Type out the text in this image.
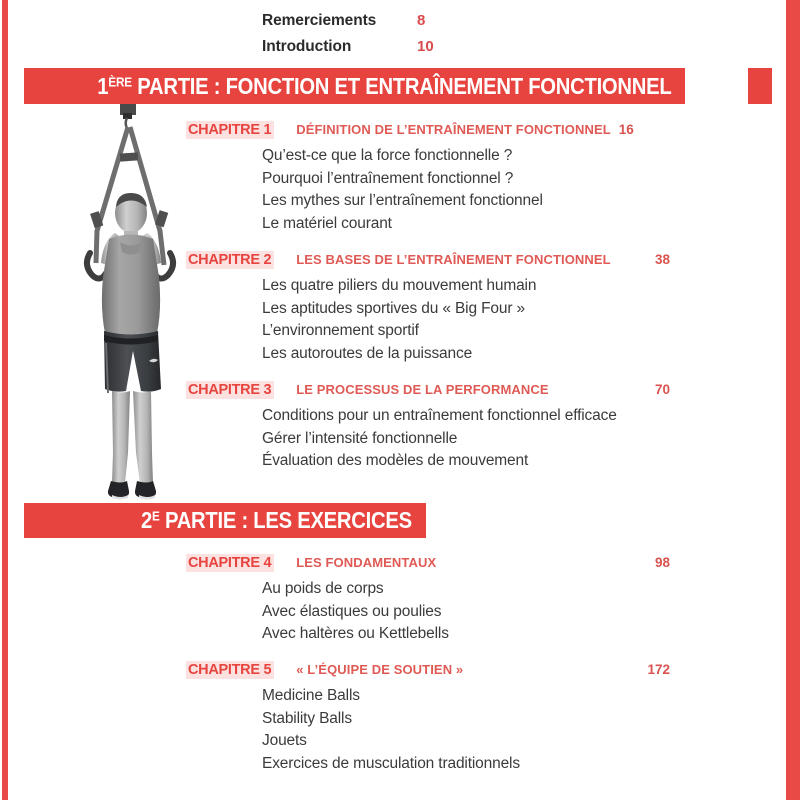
Remerciements	8
Introduction	10
1ÈRE PARTIE : FONCTION ET ENTRAÎNEMENT FONCTIONNEL
CHAPITRE 1 DÉFINITION DE L’ENTRAÎNEMENT FONCTIONNEL 16
Qu’est-ce que la force fonctionnelle ?
Pourquoi l’entraînement fonctionnel ?
Les mythes sur l’entraînement fonctionnel
Le matériel courant
CHAPITRE 2 LES BASES DE L’ENTRAÎNEMENT FONCTIONNEL	38
Les quatre piliers du mouvement humain
Les aptitudes sportives du « Big Four »
L’environnement sportif
Les autoroutes de la puissance
CHAPITRE 3 LE PROCESSUS DE LA PERFORMANCE	70
Conditions pour un entraînement fonctionnel efficace
Gérer l’intensité fonctionnelle
Évaluation des modèles de mouvement
$2^E$ PARTIE : LES EXERCICES
CHAPITRE 4 LES FONDAMENTAUX	98
Au poids de corps
Avec élastiques ou poulies
Avec haltères ou Kettlebells
CHAPITRE 5 « L’ÉQUIPE DE SOUTIEN »	172
Medicine Balls
Stability Balls
Jouets
Exercices de musculation traditionnels
